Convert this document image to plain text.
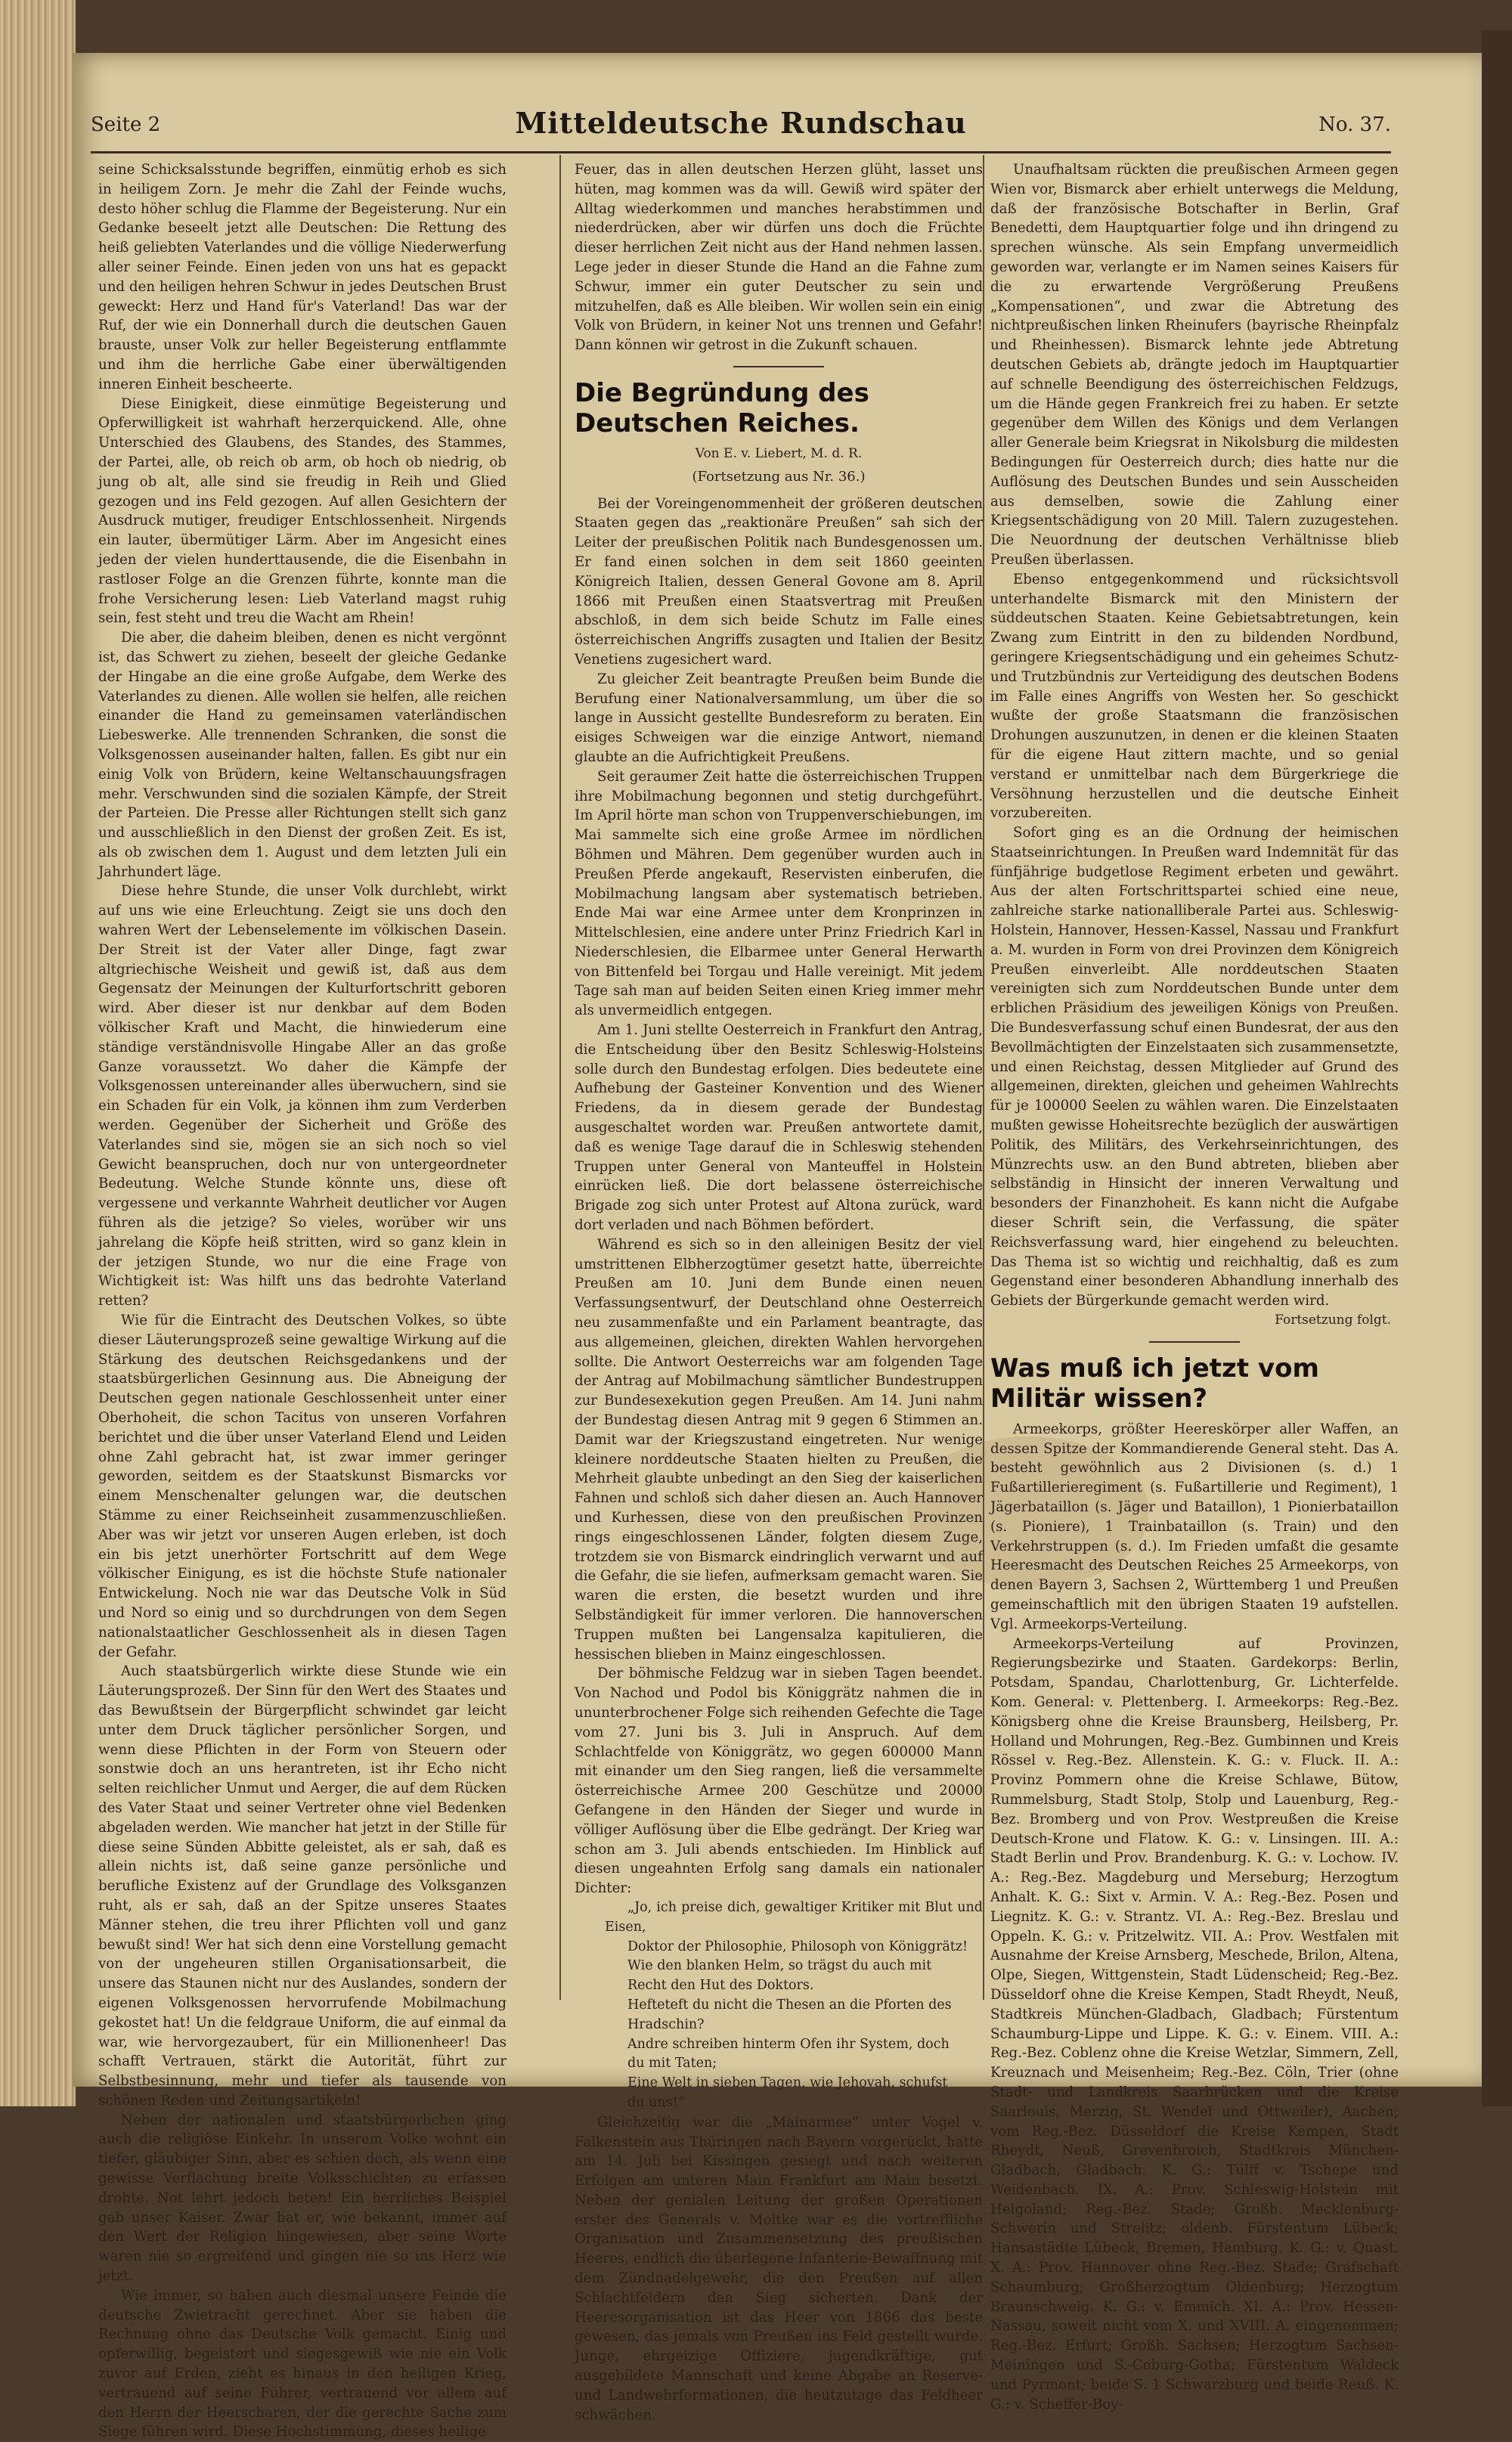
Seite 2	Mitteldeutsche Rundschau	No. 37.

seine Schicksalsstunde begriffen, einmütig erhob es sich in heiligem Zorn. Je mehr die Zahl der Feinde wuchs, desto höher schlug die Flamme der Begeisterung. Nur ein Gedanke beseelt jetzt alle Deutschen: Die Rettung des heiß geliebten Vaterlandes und die völlige Niederwerfung aller seiner Feinde. Einen jeden von uns hat es gepackt und den heiligen hehren Schwur in jedes Deutschen Brust geweckt: Herz und Hand für's Vaterland! Das war der Ruf, der wie ein Donnerhall durch die deutschen Gauen brauste, unser Volk zur heller Begeisterung entflammte und ihm die herrliche Gabe einer überwältigenden inneren Einheit bescheerte.

Diese Einigkeit, diese einmütige Begeisterung und Opferwilligkeit ist wahrhaft herzerquickend. Alle, ohne Unterschied des Glaubens, des Standes, des Stammes, der Partei, alle, ob reich ob arm, ob hoch ob niedrig, ob jung ob alt, alle sind sie freudig in Reih und Glied gezogen und ins Feld gezogen. Auf allen Gesichtern der Ausdruck mutiger, freudiger Entschlossenheit. Nirgends ein lauter, übermütiger Lärm. Aber im Angesicht eines jeden der vielen hunderttausende, die die Eisenbahn in rastloser Folge an die Grenzen führte, konnte man die frohe Versicherung lesen: Lieb Vaterland magst ruhig sein, fest steht und treu die Wacht am Rhein!

Die aber, die daheim bleiben, denen es nicht vergönnt ist, das Schwert zu ziehen, beseelt der gleiche Gedanke der Hingabe an die eine große Aufgabe, dem Werke des Vaterlandes zu dienen. Alle wollen sie helfen, alle reichen einander die Hand zu gemeinsamen vaterländischen Liebeswerke. Alle trennenden Schranken, die sonst die Volksgenossen auseinander halten, fallen. Es gibt nur ein einig Volk von Brüdern, keine Weltanschauungsfragen mehr. Verschwunden sind die sozialen Kämpfe, der Streit der Parteien. Die Presse aller Richtungen stellt sich ganz und ausschließlich in den Dienst der großen Zeit. Es ist, als ob zwischen dem 1. August und dem letzten Juli ein Jahrhundert läge.

Diese hehre Stunde, die unser Volk durchlebt, wirkt auf uns wie eine Erleuchtung. Zeigt sie uns doch den wahren Wert der Lebenselemente im völkischen Dasein. Der Streit ist der Vater aller Dinge, fagt zwar altgriechische Weisheit und gewiß ist, daß aus dem Gegensatz der Meinungen der Kulturfortschritt geboren wird. Aber dieser ist nur denkbar auf dem Boden völkischer Kraft und Macht, die hinwiederum eine ständige verständnisvolle Hingabe Aller an das große Ganze voraussetzt. Wo daher die Kämpfe der Volksgenossen untereinander alles überwuchern, sind sie ein Schaden für ein Volk, ja können ihm zum Verderben werden. Gegenüber der Sicherheit und Größe des Vaterlandes sind sie, mögen sie an sich noch so viel Gewicht beanspruchen, doch nur von untergeordneter Bedeutung. Welche Stunde könnte uns, diese oft vergessene und verkannte Wahrheit deutlicher vor Augen führen als die jetzige? So vieles, worüber wir uns jahrelang die Köpfe heiß stritten, wird so ganz klein in der jetzigen Stunde, wo nur die eine Frage von Wichtigkeit ist: Was hilft uns das bedrohte Vaterland retten?

Wie für die Eintracht des Deutschen Volkes, so übte dieser Läuterungsprozeß seine gewaltige Wirkung auf die Stärkung des deutschen Reichsgedankens und der staatsbürgerlichen Gesinnung aus. Die Abneigung der Deutschen gegen nationale Geschlossenheit unter einer Oberhoheit, die schon Tacitus von unseren Vorfahren berichtet und die über unser Vaterland Elend und Leiden ohne Zahl gebracht hat, ist zwar immer geringer geworden, seitdem es der Staatskunst Bismarcks vor einem Menschenalter gelungen war, die deutschen Stämme zu einer Reichseinheit zusammenzuschließen. Aber was wir jetzt vor unseren Augen erleben, ist doch ein bis jetzt unerhörter Fortschritt auf dem Wege völkischer Einigung, es ist die höchste Stufe nationaler Entwickelung. Noch nie war das Deutsche Volk in Süd und Nord so einig und so durchdrungen von dem Segen nationalstaatlicher Geschlossenheit als in diesen Tagen der Gefahr.

Auch staatsbürgerlich wirkte diese Stunde wie ein Läuterungsprozeß. Der Sinn für den Wert des Staates und das Bewußtsein der Bürgerpflicht schwindet gar leicht unter dem Druck täglicher persönlicher Sorgen, und wenn diese Pflichten in der Form von Steuern oder sonstwie doch an uns herantreten, ist ihr Echo nicht selten reichlicher Unmut und Aerger, die auf dem Rücken des Vater Staat und seiner Vertreter ohne viel Bedenken abgeladen werden. Wie mancher hat jetzt in der Stille für diese seine Sünden Abbitte geleistet, als er sah, daß es allein nichts ist, daß seine ganze persönliche und berufliche Existenz auf der Grundlage des Volksganzen ruht, als er sah, daß an der Spitze unseres Staates Männer stehen, die treu ihrer Pflichten voll und ganz bewußt sind! Wer hat sich denn eine Vorstellung gemacht von der ungeheuren stillen Organisationsarbeit, die unsere das Staunen nicht nur des Auslandes, sondern der eigenen Volksgenossen hervorrufende Mobilmachung gekostet hat! Un die feldgraue Uniform, die auf einmal da war, wie hervorgezaubert, für ein Millionenheer! Das schafft Vertrauen, stärkt die Autorität, führt zur Selbstbesinnung, mehr und tiefer als tausende von schönen Reden und Zeitungsartikeln!

Neben der nationalen und staatsbürgerlichen ging auch die religiöse Einkehr. In unserem Volke wohnt ein tiefer, gläubiger Sinn, aber es schien doch, als wenn eine gewisse Verflachung breite Volksschichten zu erfassen drohte. Not lehrt jedoch beten! Ein herrliches Beispiel gab unser Kaiser. Zwar hat er, wie bekannt, immer auf den Wert der Religion hingewiesen, aber seine Worte waren nie so ergreifend und gingen nie so ins Herz wie jetzt.

Wie immer, so haben auch diesmal unsere Feinde die deutsche Zwietracht gerechnet. Aber sie haben die Rechnung ohne das Deutsche Volk gemacht. Einig und opferwillig, begeistert und siegesgewiß wie nie ein Volk zuvor auf Erden, zieht es hinaus in den heiligen Krieg, vertrauend auf seine Führer, vertrauend vor allem auf den Herrn der Heerscharen, der die gerechte Sache zum Siege führen wird. Diese Hochstimmung, dieses heilige

Feuer, das in allen deutschen Herzen glüht, lasset uns hüten, mag kommen was da will. Gewiß wird später der Alltag wiederkommen und manches herabstimmen und niederdrücken, aber wir dürfen uns doch die Früchte dieser herrlichen Zeit nicht aus der Hand nehmen lassen. Lege jeder in dieser Stunde die Hand an die Fahne zum Schwur, immer ein guter Deutscher zu sein und mitzuhelfen, daß es Alle bleiben. Wir wollen sein ein einig Volk von Brüdern, in keiner Not uns trennen und Gefahr! Dann können wir getrost in die Zukunft schauen.

Die Begründung des Deutschen Reiches.
Von E. v. Liebert, M. d. R.
(Fortsetzung aus Nr. 36.)

Bei der Voreingenommenheit der größeren deutschen Staaten gegen das „reaktionäre Preußen“ sah sich der Leiter der preußischen Politik nach Bundesgenossen um. Er fand einen solchen in dem seit 1860 geeinten Königreich Italien, dessen General Govone am 8. April 1866 mit Preußen einen Staatsvertrag mit Preußen abschloß, in dem sich beide Schutz im Falle eines österreichischen Angriffs zusagten und Italien der Besitz Venetiens zugesichert ward.

Zu gleicher Zeit beantragte Preußen beim Bunde die Berufung einer Nationalversammlung, um über die so lange in Aussicht gestellte Bundesreform zu beraten. Ein eisiges Schweigen war die einzige Antwort, niemand glaubte an die Aufrichtigkeit Preußens.

Seit geraumer Zeit hatte die österreichischen Truppen ihre Mobilmachung begonnen und stetig durchgeführt. Im April hörte man schon von Truppenverschiebungen, im Mai sammelte sich eine große Armee im nördlichen Böhmen und Mähren. Dem gegenüber wurden auch in Preußen Pferde angekauft, Reservisten einberufen, die Mobilmachung langsam aber systematisch betrieben. Ende Mai war eine Armee unter dem Kronprinzen in Mittelschlesien, eine andere unter Prinz Friedrich Karl in Niederschlesien, die Elbarmee unter General Herwarth von Bittenfeld bei Torgau und Halle vereinigt. Mit jedem Tage sah man auf beiden Seiten einen Krieg immer mehr als unvermeidlich entgegen.

Am 1. Juni stellte Oesterreich in Frankfurt den Antrag, die Entscheidung über den Besitz Schleswig-Holsteins solle durch den Bundestag erfolgen. Dies bedeutete eine Aufhebung der Gasteiner Konvention und des Wiener Friedens, da in diesem gerade der Bundestag ausgeschaltet worden war. Preußen antwortete damit, daß es wenige Tage darauf die in Schleswig stehenden Truppen unter General von Manteuffel in Holstein einrücken ließ. Die dort belassene österreichische Brigade zog sich unter Protest auf Altona zurück, ward dort verladen und nach Böhmen befördert.

Während es sich so in den alleinigen Besitz der viel umstrittenen Elbherzogtümer gesetzt hatte, überreichte Preußen am 10. Juni dem Bunde einen neuen Verfassungsentwurf, der Deutschland ohne Oesterreich neu zusammenfaßte und ein Parlament beantragte, das aus allgemeinen, gleichen, direkten Wahlen hervorgehen sollte. Die Antwort Oesterreichs war am folgenden Tage der Antrag auf Mobilmachung sämtlicher Bundestruppen zur Bundesexekution gegen Preußen. Am 14. Juni nahm der Bundestag diesen Antrag mit 9 gegen 6 Stimmen an. Damit war der Kriegszustand eingetreten. Nur wenige kleinere norddeutsche Staaten hielten zu Preußen, die Mehrheit glaubte unbedingt an den Sieg der kaiserlichen Fahnen und schloß sich daher diesen an. Auch Hannover und Kurhessen, diese von den preußischen Provinzen rings eingeschlossenen Länder, folgten diesem Zuge, trotzdem sie von Bismarck eindringlich verwarnt und auf die Gefahr, die sie liefen, aufmerksam gemacht waren. Sie waren die ersten, die besetzt wurden und ihre Selbständigkeit für immer verloren. Die hannoverschen Truppen mußten bei Langensalza kapitulieren, die hessischen blieben in Mainz eingeschlossen.

Der böhmische Feldzug war in sieben Tagen beendet. Von Nachod und Podol bis Königgrätz nahmen die in ununterbrochener Folge sich reihenden Gefechte die Tage vom 27. Juni bis 3. Juli in Anspruch. Auf dem Schlachtfelde von Königgrätz, wo gegen 600000 Mann mit einander um den Sieg rangen, ließ die versammelte österreichische Armee 200 Geschütze und 20000 Gefangene in den Händen der Sieger und wurde in völliger Auflösung über die Elbe gedrängt. Der Krieg war schon am 3. Juli abends entschieden. Im Hinblick auf diesen ungeahnten Erfolg sang damals ein nationaler Dichter:

„Jo, ich preise dich, gewaltiger Kritiker mit Blut und Eisen,

Doktor der Philosophie, Philosoph von Königgrätz!

Wie den blanken Helm, so trägst du auch mit

Recht den Hut des Doktors.

Hefteteft du nicht die Thesen an die Pforten des

Hradschin?

Andre schreiben hinterm Ofen ihr System, doch

du mit Taten;

Eine Welt in sieben Tagen, wie Jehovah, schufst

du uns!“

Gleichzeitig war die „Mainarmee“ unter Vogel v. Falkenstein aus Thüringen nach Bayern vorgerückt, hatte am 14. Juli bei Kissingen gesiegt und nach weiteren Erfolgen am unteren Main Frankfurt am Main besetzt. Neben der genialen Leitung der großen Operationen erster des Generals v. Moltke war es die vortreffliche Organisation und Zusammensetzung des preußischen Heeres, endlich die überlegene Infanterie-Bewaffnung mit dem Zündnadelgewehr, die den Preußen auf allen Schlachtfeldern den Sieg sicherten. Dank der Heeresorganisation ist das Heer von 1866 das beste gewesen, das jemals von Preußen ins Feld gestellt wurde. Junge, ehrgeizige Offiziere, jugendkräftige, gut ausgebildete Mannschaft und keine Abgabe an Reserve- und Landwehrformationen, die heutzutage das Feldheer schwächen.

Unaufhaltsam rückten die preußischen Armeen gegen Wien vor, Bismarck aber erhielt unterwegs die Meldung, daß der französische Botschafter in Berlin, Graf Benedetti, dem Hauptquartier folge und ihn dringend zu sprechen wünsche. Als sein Empfang unvermeidlich geworden war, verlangte er im Namen seines Kaisers für die zu erwartende Vergrößerung Preußens „Kompensationen“, und zwar die Abtretung des nichtpreußischen linken Rheinufers (bayrische Rheinpfalz und Rheinhessen). Bismarck lehnte jede Abtretung deutschen Gebiets ab, drängte jedoch im Hauptquartier auf schnelle Beendigung des österreichischen Feldzugs, um die Hände gegen Frankreich frei zu haben. Er setzte gegenüber dem Willen des Königs und dem Verlangen aller Generale beim Kriegsrat in Nikolsburg die mildesten Bedingungen für Oesterreich durch; dies hatte nur die Auflösung des Deutschen Bundes und sein Ausscheiden aus demselben, sowie die Zahlung einer Kriegsentschädigung von 20 Mill. Talern zuzugestehen. Die Neuordnung der deutschen Verhältnisse blieb Preußen überlassen.

Ebenso entgegenkommend und rücksichtsvoll unterhandelte Bismarck mit den Ministern der süddeutschen Staaten. Keine Gebietsabtretungen, kein Zwang zum Eintritt in den zu bildenden Nordbund, geringere Kriegsentschädigung und ein geheimes Schutz- und Trutzbündnis zur Verteidigung des deutschen Bodens im Falle eines Angriffs von Westen her. So geschickt wußte der große Staatsmann die französischen Drohungen auszunutzen, in denen er die kleinen Staaten für die eigene Haut zittern machte, und so genial verstand er unmittelbar nach dem Bürgerkriege die Versöhnung herzustellen und die deutsche Einheit vorzubereiten.

Sofort ging es an die Ordnung der heimischen Staatseinrichtungen. In Preußen ward Indemnität für das fünfjährige budgetlose Regiment erbeten und gewährt. Aus der alten Fortschrittspartei schied eine neue, zahlreiche starke nationalliberale Partei aus. Schleswig-Holstein, Hannover, Hessen-Kassel, Nassau und Frankfurt a. M. wurden in Form von drei Provinzen dem Königreich Preußen einverleibt. Alle norddeutschen Staaten vereinigten sich zum Norddeutschen Bunde unter dem erblichen Präsidium des jeweiligen Königs von Preußen. Die Bundesverfassung schuf einen Bundesrat, der aus den Bevollmächtigten der Einzelstaaten sich zusammensetzte, und einen Reichstag, dessen Mitglieder auf Grund des allgemeinen, direkten, gleichen und geheimen Wahlrechts für je 100000 Seelen zu wählen waren. Die Einzelstaaten mußten gewisse Hoheitsrechte bezüglich der auswärtigen Politik, des Militärs, des Verkehrseinrichtungen, des Münzrechts usw. an den Bund abtreten, blieben aber selbständig in Hinsicht der inneren Verwaltung und besonders der Finanzhoheit. Es kann nicht die Aufgabe dieser Schrift sein, die Verfassung, die später Reichsverfassung ward, hier eingehend zu beleuchten. Das Thema ist so wichtig und reichhaltig, daß es zum Gegenstand einer besonderen Abhandlung innerhalb des Gebiets der Bürgerkunde gemacht werden wird.

Fortsetzung folgt.
Was muß ich jetzt vom Militär wissen?

Armeekorps, größter Heereskörper aller Waffen, an dessen Spitze der Kommandierende General steht. Das A. besteht gewöhnlich aus 2 Divisionen (s. d.) 1 Fußartillerieregiment (s. Fußartillerie und Regiment), 1 Jägerbataillon (s. Jäger und Bataillon), 1 Pionierbataillon (s. Pioniere), 1 Trainbataillon (s. Train) und den Verkehrstruppen (s. d.). Im Frieden umfaßt die gesamte Heeresmacht des Deutschen Reiches 25 Armeekorps, von denen Bayern 3, Sachsen 2, Württemberg 1 und Preußen gemeinschaftlich mit den übrigen Staaten 19 aufstellen. Vgl. Armeekorps-Verteilung.

Armeekorps-Verteilung auf Provinzen, Regierungsbezirke und Staaten. Gardekorps: Berlin, Potsdam, Spandau, Charlottenburg, Gr. Lichterfelde. Kom. General: v. Plettenberg. I. Armeekorps: Reg.-Bez. Königsberg ohne die Kreise Braunsberg, Heilsberg, Pr. Holland und Mohrungen, Reg.-Bez. Gumbinnen und Kreis Rössel v. Reg.-Bez. Allenstein. K. G.: v. Fluck. II. A.: Provinz Pommern ohne die Kreise Schlawe, Bütow, Rummelsburg, Stadt Stolp, Stolp und Lauenburg, Reg.-Bez. Bromberg und von Prov. Westpreußen die Kreise Deutsch-Krone und Flatow. K. G.: v. Linsingen. III. A.: Stadt Berlin und Prov. Brandenburg. K. G.: v. Lochow. IV. A.: Reg.-Bez. Magdeburg und Merseburg; Herzogtum Anhalt. K. G.: Sixt v. Armin. V. A.: Reg.-Bez. Posen und Liegnitz. K. G.: v. Strantz. VI. A.: Reg.-Bez. Breslau und Oppeln. K. G.: v. Pritzelwitz. VII. A.: Prov. Westfalen mit Ausnahme der Kreise Arnsberg, Meschede, Brilon, Altena, Olpe, Siegen, Wittgenstein, Stadt Lüdenscheid; Reg.-Bez. Düsseldorf ohne die Kreise Kempen, Stadt Rheydt, Neuß, Stadtkreis München-Gladbach, Gladbach; Fürstentum Schaumburg-Lippe und Lippe. K. G.: v. Einem. VIII. A.: Reg.-Bez. Coblenz ohne die Kreise Wetzlar, Simmern, Zell, Kreuznach und Meisenheim; Reg.-Bez. Cöln, Trier (ohne Stadt- und Landkreis Saarbrücken und die Kreise Saarlouis, Merzig, St. Wendel und Ottweiler), Aachen; vom Reg.-Bez. Düsseldorf die Kreise Kempen, Stadt Rheydt, Neuß, Grevenbroich, Stadtkreis München-Gladbach, Gladbach. K. G.: Tülff v. Tschepe und Weidenbach. IX. A.: Prov. Schleswig-Holstein mit Helgoland; Reg.-Bez. Stade; Großh. Mecklenburg-Schwerin und Strelitz; oldenb. Fürstentum Lübeck; Hansastädte Lübeck, Bremen, Hamburg. K. G.: v. Quast. X. A.: Prov. Hannover ohne Reg.-Bez. Stade; Grafschaft Schaumburg; Großherzogtum Oldenburg; Herzogtum Braunschweig. K. G.: v. Emmich. XI. A.: Prov. Hessen-Nassau, soweit nicht vom X. und XVIII. A. eingenommen; Reg.-Bez. Erfurt; Großh. Sachsen; Herzogtum Sachsen-Meiningen und S.-Coburg-Gotha; Fürstentum Waldeck und Pyrmont; beide S. 1 Schwarzburg und beide Reuß. K. G.: v. Scheffer-Boy-
